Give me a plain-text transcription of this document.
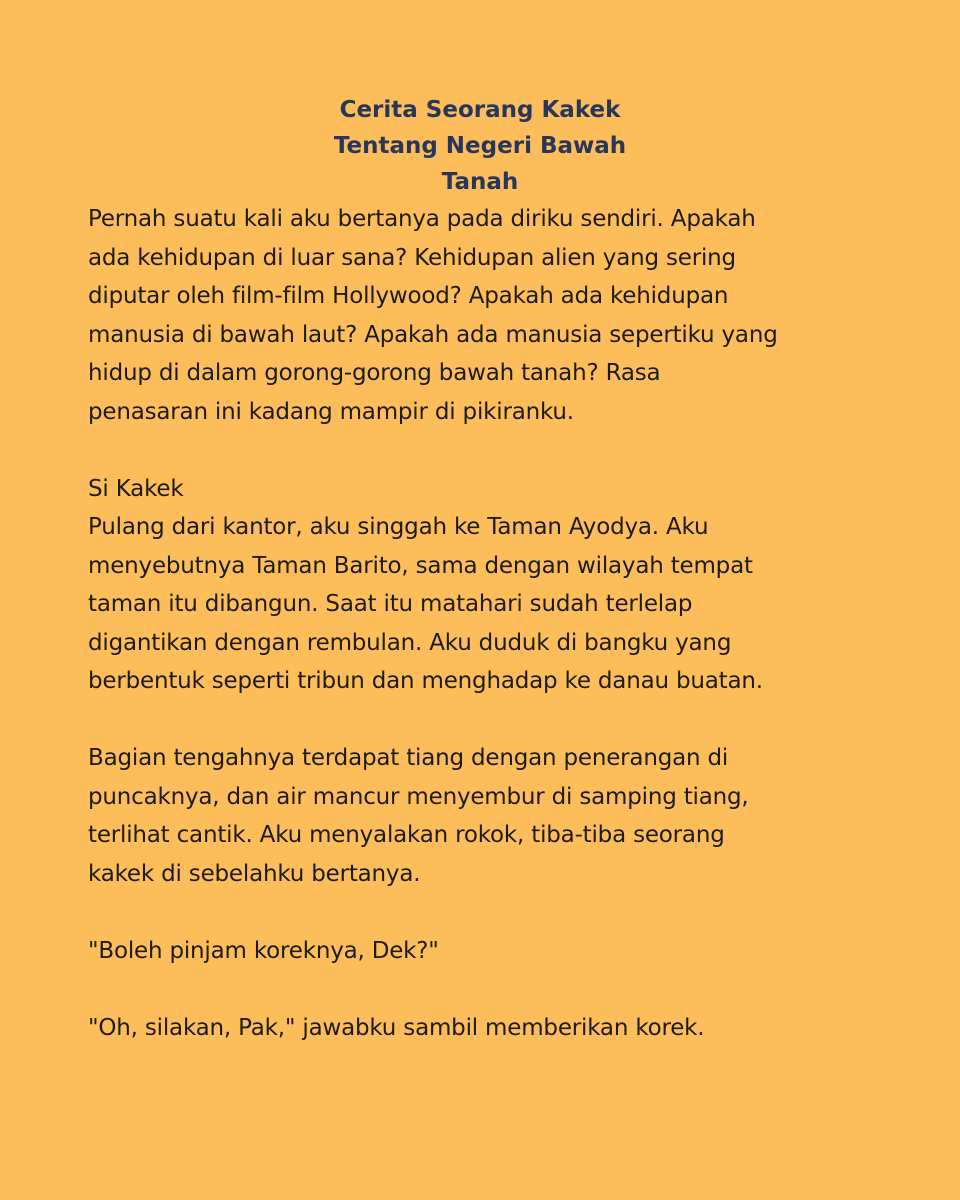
Cerita Seorang Kakek
Tentang Negeri Bawah
Tanah
Pernah suatu kali aku bertanya pada diriku sendiri. Apakah
ada kehidupan di luar sana? Kehidupan alien yang sering
diputar oleh film-film Hollywood? Apakah ada kehidupan
manusia di bawah laut? Apakah ada manusia sepertiku yang
hidup di dalam gorong-gorong bawah tanah? Rasa
penasaran ini kadang mampir di pikiranku.
Si Kakek
Pulang dari kantor, aku singgah ke Taman Ayodya. Aku
menyebutnya Taman Barito, sama dengan wilayah tempat
taman itu dibangun. Saat itu matahari sudah terlelap
digantikan dengan rembulan. Aku duduk di bangku yang
berbentuk seperti tribun dan menghadap ke danau buatan.
Bagian tengahnya terdapat tiang dengan penerangan di
puncaknya, dan air mancur menyembur di samping tiang,
terlihat cantik. Aku menyalakan rokok, tiba-tiba seorang
kakek di sebelahku bertanya.
"Boleh pinjam koreknya, Dek?"
"Oh, silakan, Pak," jawabku sambil memberikan korek.
